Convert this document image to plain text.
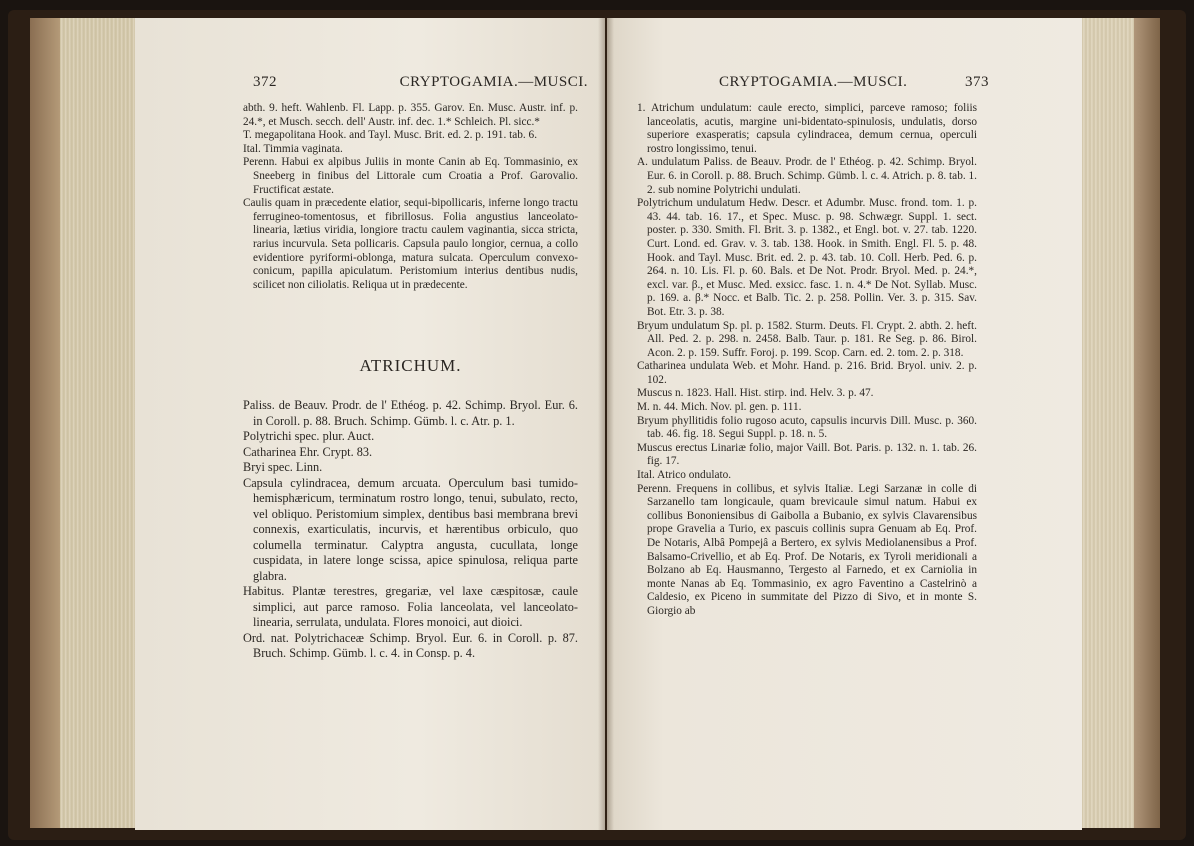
372	CRYPTOGAMIA.—MUSCI.

abth. 9. heft. Wahlenb. Fl. Lapp. p. 355. Garov. En. Musc. Austr. inf. p. 24.*, et Musch. secch. dell' Austr. inf. dec. 1.* Schleich. Pl. sicc.*

T. megapolitana Hook. and Tayl. Musc. Brit. ed. 2. p. 191. tab. 6.

Ital. Timmia vaginata.

Perenn. Habui ex alpibus Juliis in monte Canin ab Eq. Tommasinio, ex Sneeberg in finibus del Littorale cum Croatia a Prof. Garovalio. Fructificat æstate.

Caulis quam in præcedente elatior, sequi-bipollicaris, inferne longo tractu ferrugineo-tomentosus, et fibrillosus. Folia angustius lanceolato-linearia, lætius viridia, longiore tractu caulem vaginantia, sicca stricta, rarius incurvula. Seta pollicaris. Capsula paulo longior, cernua, a collo evidentiore pyriformi-oblonga, matura sulcata. Operculum convexo-conicum, papilla apiculatum. Peristomium interius dentibus nudis, scilicet non ciliolatis. Reliqua ut in prædecente.

ATRICHUM.

Paliss. de Beauv. Prodr. de l' Ethéog. p. 42. Schimp. Bryol. Eur. 6. in Coroll. p. 88. Bruch. Schimp. Gümb. l. c. Atr. p. 1.

Polytrichi spec. plur. Auct.

Catharinea Ehr. Crypt. 83.

Bryi spec. Linn.

Capsula cylindracea, demum arcuata. Operculum basi tumido-hemisphæricum, terminatum rostro longo, tenui, subulato, recto, vel obliquo. Peristomium simplex, dentibus basi membrana brevi connexis, exarticulatis, incurvis, et hærentibus orbiculo, quo columella terminatur. Calyptra angusta, cucullata, longe cuspidata, in latere longe scissa, apice spinulosa, reliqua parte glabra.

Habitus. Plantæ terestres, gregariæ, vel laxe cæspitosæ, caule simplici, aut parce ramoso. Folia lanceolata, vel lanceolato-linearia, serrulata, undulata. Flores monoici, aut dioici.

Ord. nat. Polytrichaceæ Schimp. Bryol. Eur. 6. in Coroll. p. 87. Bruch. Schimp. Gümb. l. c. 4. in Consp. p. 4.

CRYPTOGAMIA.—MUSCI.	373

1. Atrichum undulatum: caule erecto, simplici, parceve ramoso; foliis lanceolatis, acutis, margine uni-bidentato-spinulosis, undulatis, dorso superiore exasperatis; capsula cylindracea, demum cernua, operculi rostro longissimo, tenui.

A. undulatum Paliss. de Beauv. Prodr. de l' Ethéog. p. 42. Schimp. Bryol. Eur. 6. in Coroll. p. 88. Bruch. Schimp. Gümb. l. c. 4. Atrich. p. 8. tab. 1. 2. sub nomine Polytrichi undulati.

Polytrichum undulatum Hedw. Descr. et Adumbr. Musc. frond. tom. 1. p. 43. 44. tab. 16. 17., et Spec. Musc. p. 98. Schwægr. Suppl. 1. sect. poster. p. 330. Smith. Fl. Brit. 3. p. 1382., et Engl. bot. v. 27. tab. 1220. Curt. Lond. ed. Grav. v. 3. tab. 138. Hook. in Smith. Engl. Fl. 5. p. 48. Hook. and Tayl. Musc. Brit. ed. 2. p. 43. tab. 10. Coll. Herb. Ped. 6. p. 264. n. 10. Lis. Fl. p. 60. Bals. et De Not. Prodr. Bryol. Med. p. 24.*, excl. var. β., et Musc. Med. exsicc. fasc. 1. n. 4.* De Not. Syllab. Musc. p. 169. a. β.* Nocc. et Balb. Tic. 2. p. 258. Pollin. Ver. 3. p. 315. Sav. Bot. Etr. 3. p. 38.

Bryum undulatum Sp. pl. p. 1582. Sturm. Deuts. Fl. Crypt. 2. abth. 2. heft. All. Ped. 2. p. 298. n. 2458. Balb. Taur. p. 181. Re Seg. p. 86. Birol. Acon. 2. p. 159. Suffr. Foroj. p. 199. Scop. Carn. ed. 2. tom. 2. p. 318.

Catharinea undulata Web. et Mohr. Hand. p. 216. Brid. Bryol. univ. 2. p. 102.

Muscus n. 1823. Hall. Hist. stirp. ind. Helv. 3. p. 47.

M. n. 44. Mich. Nov. pl. gen. p. 111.

Bryum phyllitidis folio rugoso acuto, capsulis incurvis Dill. Musc. p. 360. tab. 46. fig. 18. Segui Suppl. p. 18. n. 5.

Muscus erectus Linariæ folio, major Vaill. Bot. Paris. p. 132. n. 1. tab. 26. fig. 17.

Ital. Atrico ondulato.

Perenn. Frequens in collibus, et sylvis Italiæ. Legi Sarzanæ in colle di Sarzanello tam longicaule, quam brevicaule simul natum. Habui ex collibus Bononiensibus di Gaibolla a Bubanio, ex sylvis Clavarensibus prope Gravelia a Turio, ex pascuis collinis supra Genuam ab Eq. Prof. De Notaris, Albâ Pompejâ a Bertero, ex sylvis Mediolanensibus a Prof. Balsamo-Crivellio, et ab Eq. Prof. De Notaris, ex Tyroli meridionali a Bolzano ab Eq. Hausmanno, Tergesto al Farnedo, et ex Carniolia in monte Nanas ab Eq. Tommasinio, ex agro Faventino a Castelrinò a Caldesio, ex Piceno in summitate del Pizzo di Sivo, et in monte S. Giorgio ab
